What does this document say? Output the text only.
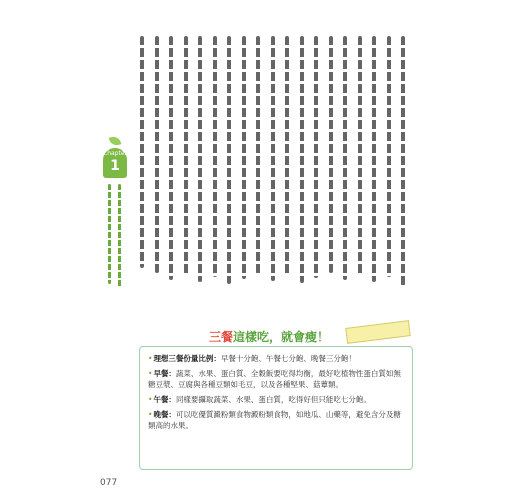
Chapter
1
三餐這樣吃，就會瘦！
•理想三餐份量比例：早餐十分飽、午餐七分飽、晚餐三分飽！
•早餐：蔬菜、水果、蛋白質、全穀飯要吃得均衡，最好吃植物性蛋白質如無糖豆漿、豆腐與各種豆類如毛豆，以及各種堅果、菇蕈類。
•午餐：同樣要攝取蔬菜、水果、蛋白質，吃得好但只能吃七分飽。
•晚餐：可以吃優質澱粉類食物澱粉類食物，如地瓜、山藥等，避免含分及糖類高的水果。
077
